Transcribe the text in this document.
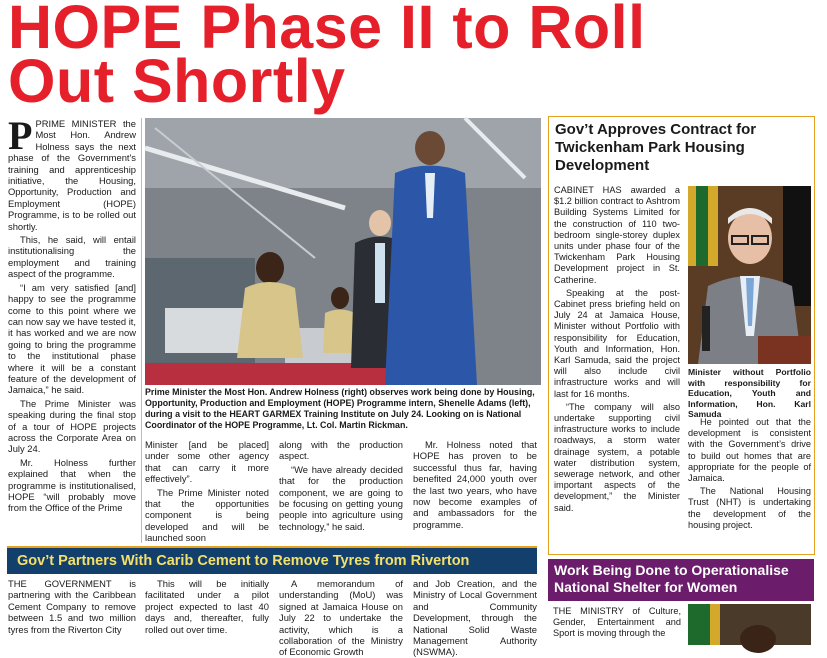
HOPE Phase II to Roll
Out Shortly

PPRIME MINISTER the Most Hon. Andrew Holness says the next phase of the Government's training and apprenticeship initiative, the Housing, Opportunity, Production and Employment (HOPE) Programme, is to be rolled out shortly.

This, he said, will entail institutionalising the employment and training aspect of the programme.

“I am very satisfied [and] happy to see the programme come to this point where we can now say we have tested it, it has worked and we are now going to bring the programme to the institutional phase where it will be a constant feature of the development of Jamaica,” he said.

The Prime Minister was speaking during the final stop of a tour of HOPE projects across the Corporate Area on July 24.

Mr. Holness further explained that when the programme is institutionalised, HOPE “will probably move from the Office of the Prime

Prime Minister the Most Hon. Andrew Holness (right) observes work being done by Housing, Opportunity, Production and Employment (HOPE) Programme intern, Shenelle Adams (left), during a visit to the HEART GARMEX Training Institute on July 24. Looking on is National Coordinator of the HOPE Programme, Lt. Col. Martin Rickman.

Minister [and be placed] under some other agency that can carry it more effectively”.

The Prime Minister noted that the opportunities component is being developed and will be launched soon

along with the production aspect.

“We have already decided that for the production component, we are going to be focusing on getting young people into agriculture using technology,” he said.

Mr. Holness noted that HOPE has proven to be successful thus far, having benefited 24,000 youth over the last two years, who have now become examples of and ambassadors for the programme.

Gov’t Approves Contract for Twickenham Park Housing Development

CABINET HAS awarded a $1.2 billion contract to Ashtrom Building Systems Limited for the construction of 110 two-bedroom single-storey duplex units under phase four of the Twickenham Park Housing Development project in St. Catherine.

Speaking at the post-Cabinet press briefing held on July 24 at Jamaica House, Minister without Portfolio with responsibility for Education, Youth and Information, Hon. Karl Samuda, said the project will also include civil infrastructure works and will last for 16 months.

“The company will also undertake supporting civil infrastructure works to include roadways, a storm water drainage system, a potable water distribution system, sewerage network, and other important aspects of the development,” the Minister said.

Minister without Portfolio with responsibility for Education, Youth and Information, Hon. Karl Samuda

He pointed out that the development is consistent with the Government’s drive to build out homes that are appropriate for the people of Jamaica.

The National Housing Trust (NHT) is undertaking the development of the housing project.

Gov’t Partners With Carib Cement to Remove Tyres from Riverton

THE GOVERNMENT is partnering with the Caribbean Cement Company to remove between 1.5 and two million tyres from the Riverton City

This will be initially facilitated under a pilot project expected to last 40 days and, thereafter, fully rolled out over time.

A memorandum of understanding (MoU) was signed at Jamaica House on July 22 to undertake the activity, which is a collaboration of the Ministry of Economic Growth

and Job Creation, and the Ministry of Local Government and Community Development, through the National Solid Waste Management Authority (NSWMA).

Work Being Done to Operationalise National Shelter for Women

THE MINISTRY of Culture, Gender, Entertainment and Sport is moving through the
